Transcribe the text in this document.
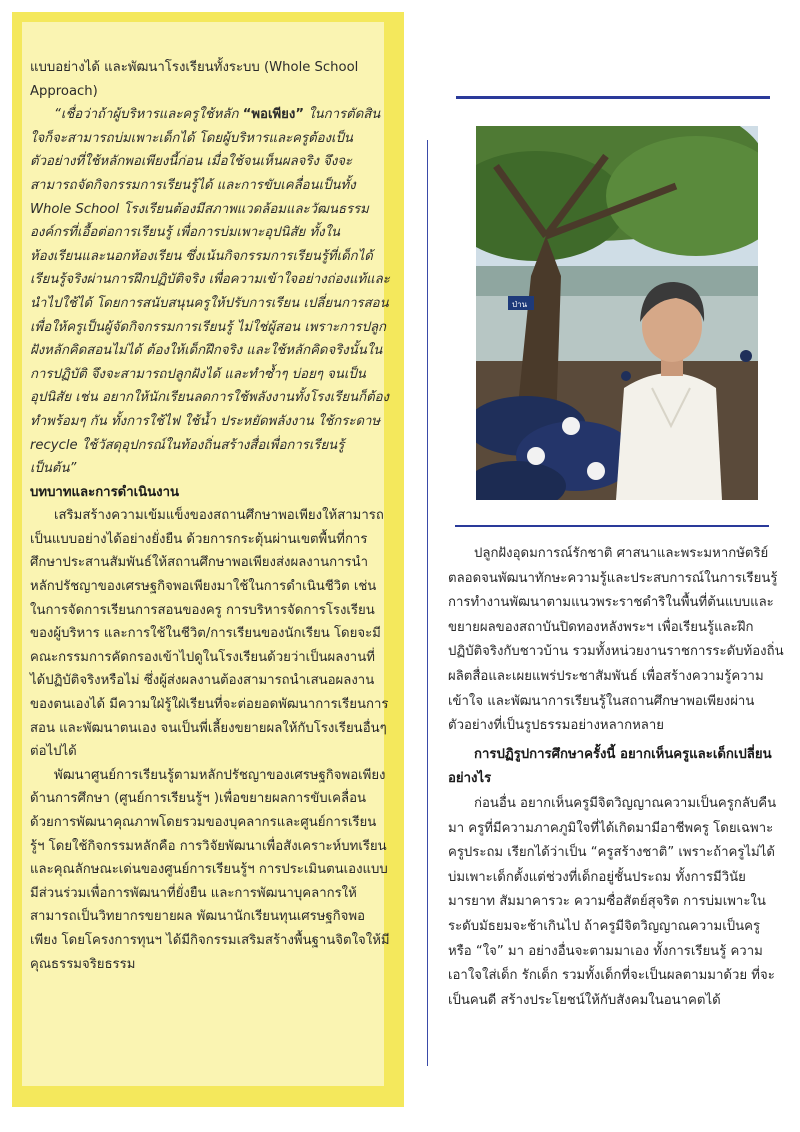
แบบอย่างได้ และพัฒนาโรงเรียนทั้งระบบ (Whole School Approach)

“เชื่อว่าถ้าผู้บริหารและครูใช้หลัก “พอเพียง” ในการตัดสินใจก็จะสามารถบ่มเพาะเด็กได้ โดยผู้บริหารและครูต้องเป็นตัวอย่างที่ใช้หลักพอเพียงนี้ก่อน เมื่อใช้จนเห็นผลจริง จึงจะสามารถจัดกิจกรรมการเรียนรู้ได้ และการขับเคลื่อนเป็นทั้ง Whole School โรงเรียนต้องมีสภาพแวดล้อมและวัฒนธรรมองค์กรที่เอื้อต่อการเรียนรู้ เพื่อการบ่มเพาะอุปนิสัย ทั้งในห้องเรียนและนอกห้องเรียน ซึ่งเน้นกิจกรรมการเรียนรู้ที่เด็กได้เรียนรู้จริงผ่านการฝึกปฏิบัติจริง เพื่อความเข้าใจอย่างถ่องแท้และนำไปใช้ได้ โดยการสนับสนุนครูให้ปรับการเรียน เปลี่ยนการสอน เพื่อให้ครูเป็นผู้จัดกิจกรรมการเรียนรู้ ไม่ใช่ผู้สอน เพราะการปลูกฝังหลักคิดสอนไม่ได้ ต้องให้เด็กฝึกจริง และใช้หลักคิดจริงนั้นในการปฏิบัติ จึงจะสามารถปลูกฝังได้ และทำซ้ำๆ บ่อยๆ จนเป็นอุปนิสัย เช่น อยากให้นักเรียนลดการใช้พลังงานทั้งโรงเรียนก็ต้องทำพร้อมๆ กัน ทั้งการใช้ไฟ ใช้น้ำ ประหยัดพลังงาน ใช้กระดาษ recycle ใช้วัสดุอุปกรณ์ในท้องถิ่นสร้างสื่อเพื่อการเรียนรู้ เป็นต้น”

บทบาทและการดำเนินงาน

เสริมสร้างความเข้มแข็งของสถานศึกษาพอเพียงให้สามารถเป็นแบบอย่างได้อย่างยั่งยืน ด้วยการกระตุ้นผ่านเขตพื้นที่การศึกษาประสานสัมพันธ์ให้สถานศึกษาพอเพียงส่งผลงานการนำหลักปรัชญาของเศรษฐกิจพอเพียงมาใช้ในการดำเนินชีวิต เช่น ในการจัดการเรียนการสอนของครู การบริหารจัดการโรงเรียนของผู้บริหาร และการใช้ในชีวิต/การเรียนของนักเรียน โดยจะมีคณะกรรมการคัดกรองเข้าไปดูในโรงเรียนด้วยว่าเป็นผลงานที่ได้ปฏิบัติจริงหรือไม่ ซึ่งผู้ส่งผลงานต้องสามารถนำเสนอผลงานของตนเองได้ มีความใฝ่รู้ใฝ่เรียนที่จะต่อยอดพัฒนาการเรียนการสอน และพัฒนาตนเอง จนเป็นพี่เลี้ยงขยายผลให้กับโรงเรียนอื่นๆ ต่อไปได้

พัฒนาศูนย์การเรียนรู้ตามหลักปรัชญาของเศรษฐกิจพอเพียงด้านการศึกษา (ศูนย์การเรียนรู้ฯ )เพื่อขยายผลการขับเคลื่อน ด้วยการพัฒนาคุณภาพโดยรวมของบุคลากรและศูนย์การเรียนรู้ฯ โดยใช้กิจกรรมหลักคือ การวิจัยพัฒนาเพื่อสังเคราะห์บทเรียนและคุณลักษณะเด่นของศูนย์การเรียนรู้ฯ การประเมินตนเองแบบมีส่วนร่วมเพื่อการพัฒนาที่ยั่งยืน และการพัฒนาบุคลากรให้สามารถเป็นวิทยากรขยายผล พัฒนานักเรียนทุนเศรษฐกิจพอเพียง โดยโครงการทุนฯ ได้มีกิจกรรมเสริมสร้างพื้นฐานจิตใจให้มีคุณธรรมจริยธรรม

ป่าน

ปลูกฝังอุดมการณ์รักชาติ ศาสนาและพระมหากษัตริย์ ตลอดจนพัฒนาทักษะความรู้และประสบการณ์ในการเรียนรู้การทำงานพัฒนาตามแนวพระราชดำริในพื้นที่ต้นแบบและขยายผลของสถาบันปิดทองหลังพระฯ เพื่อเรียนรู้และฝึกปฏิบัติจริงกับชาวบ้าน รวมทั้งหน่วยงานราชการระดับท้องถิ่น ผลิตสื่อและเผยแพร่ประชาสัมพันธ์ เพื่อสร้างความรู้ความเข้าใจ และพัฒนาการเรียนรู้ในสถานศึกษาพอเพียงผ่านตัวอย่างที่เป็นรูปธรรมอย่างหลากหลาย

การปฏิรูปการศึกษาครั้งนี้ อยากเห็นครูและเด็กเปลี่ยนอย่างไร

ก่อนอื่น อยากเห็นครูมีจิตวิญญาณความเป็นครูกลับคืนมา ครูที่มีความภาคภูมิใจที่ได้เกิดมามีอาชีพครู โดยเฉพาะครูประถม เรียกได้ว่าเป็น “ครูสร้างชาติ” เพราะถ้าครูไม่ได้บ่มเพาะเด็กตั้งแต่ช่วงที่เด็กอยู่ชั้นประถม ทั้งการมีวินัย มารยาท สัมมาคารวะ ความซื่อสัตย์สุจริต การบ่มเพาะในระดับมัธยมจะช้าเกินไป ถ้าครูมีจิตวิญญาณความเป็นครู หรือ “ใจ” มา อย่างอื่นจะตามมาเอง ทั้งการเรียนรู้ ความเอาใจใส่เด็ก รักเด็ก รวมทั้งเด็กที่จะเป็นผลตามมาด้วย ที่จะเป็นคนดี สร้างประโยชน์ให้กับสังคมในอนาคตได้
